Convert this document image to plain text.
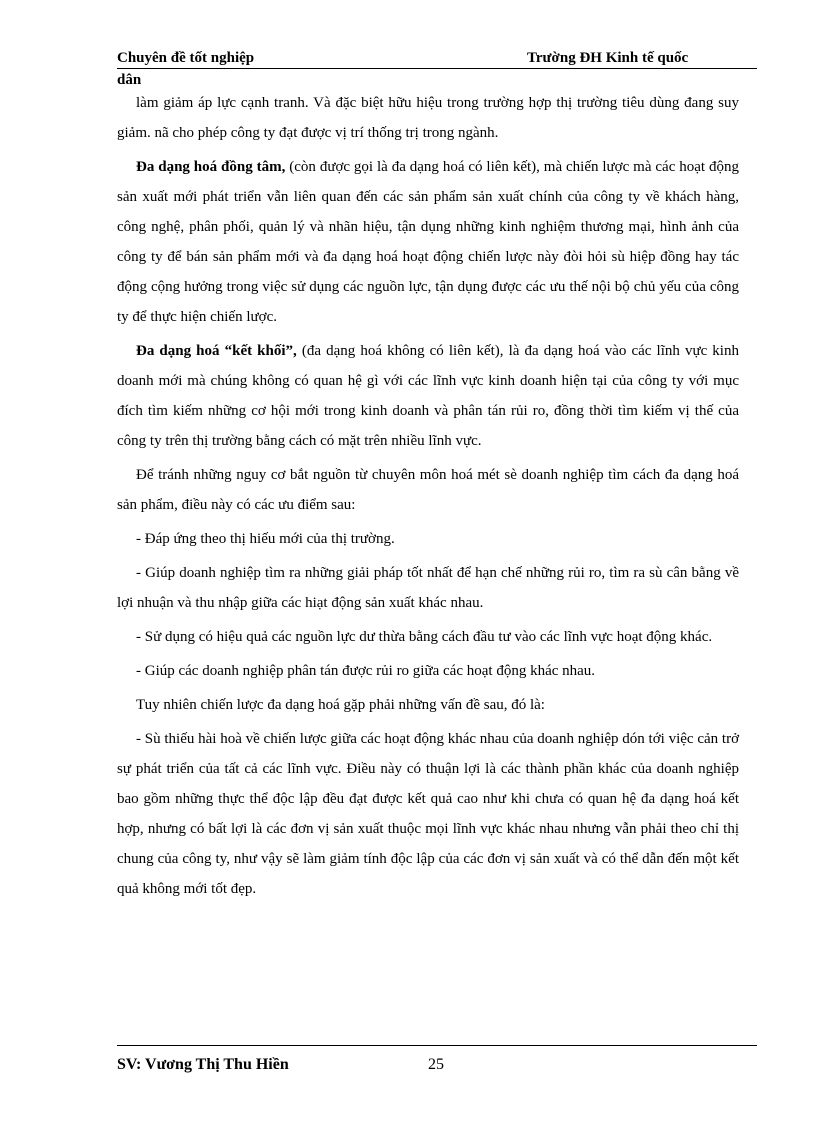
Chuyên đề tốt nghiệp	Trường ĐH Kinh tế quốc
dân

làm giảm áp lực cạnh tranh. Và đặc biệt hữu hiệu trong trường hợp thị trường tiêu dùng đang suy giảm. nã cho phép công ty đạt được vị trí thống trị trong ngành.

Đa dạng hoá đồng tâm, (còn được gọi là đa dạng hoá có liên kết), mà chiến lược mà các hoạt động sản xuất mới phát triển vẫn liên quan đến các sản phẩm sản xuất chính của công ty về khách hàng, công nghệ, phân phối, quản lý và nhãn hiệu, tận dụng những kinh nghiệm thương mại, hình ảnh của công ty để bán sản phẩm mới và đa dạng hoá hoạt động chiến lược này đòi hỏi sù hiệp đồng hay tác động cộng hưởng trong việc sử dụng các nguồn lực, tận dụng được các ưu thế nội bộ chủ yếu của công ty để thực hiện chiến lược.

Đa dạng hoá “kết khối”, (đa dạng hoá không có liên kết), là đa dạng hoá vào các lĩnh vực kinh doanh mới mà chúng không có quan hệ gì với các lĩnh vực kinh doanh hiện tại của công ty với mục đích tìm kiếm những cơ hội mới trong kinh doanh và phân tán rủi ro, đồng thời tìm kiếm vị thế của công ty trên thị trường bằng cách có mặt trên nhiều lĩnh vực.

Để tránh những nguy cơ bắt nguồn từ chuyên môn hoá mét sè doanh nghiệp tìm cách đa dạng hoá sản phẩm, điều này có các ưu điểm sau:

- Đáp ứng theo thị hiếu mới của thị trường.

- Giúp doanh nghiệp tìm ra những giải pháp tốt nhất để hạn chế những rủi ro, tìm ra sù cân bằng về lợi nhuận và thu nhập giữa các hiạt động sản xuất khác nhau.

- Sử dụng có hiệu quả các nguồn lực dư thừa bằng cách đầu tư vào các lĩnh vực hoạt động khác.

- Giúp các doanh nghiệp phân tán được rủi ro giữa các hoạt động khác nhau.

Tuy nhiên chiến lược đa dạng hoá gặp phải những vấn đề sau, đó là:

- Sù thiếu hài hoà về chiến lược giữa các hoạt động khác nhau của doanh nghiệp dón tới việc cản trở sự phát triển của tất cả các lĩnh vực. Điều này có thuận lợi là các thành phần khác của doanh nghiệp bao gồm những thực thể độc lập đều đạt được kết quả cao như khi chưa có quan hệ đa dạng hoá kết hợp, nhưng có bất lợi là các đơn vị sản xuất thuộc mọi lĩnh vực khác nhau nhưng vẫn phải theo chỉ thị chung của công ty, như vậy sẽ làm giảm tính độc lập của các đơn vị sản xuất và có thể dẫn đến một kết quả không mới tốt đẹp.

SV: Vương Thị Thu Hiền	25
